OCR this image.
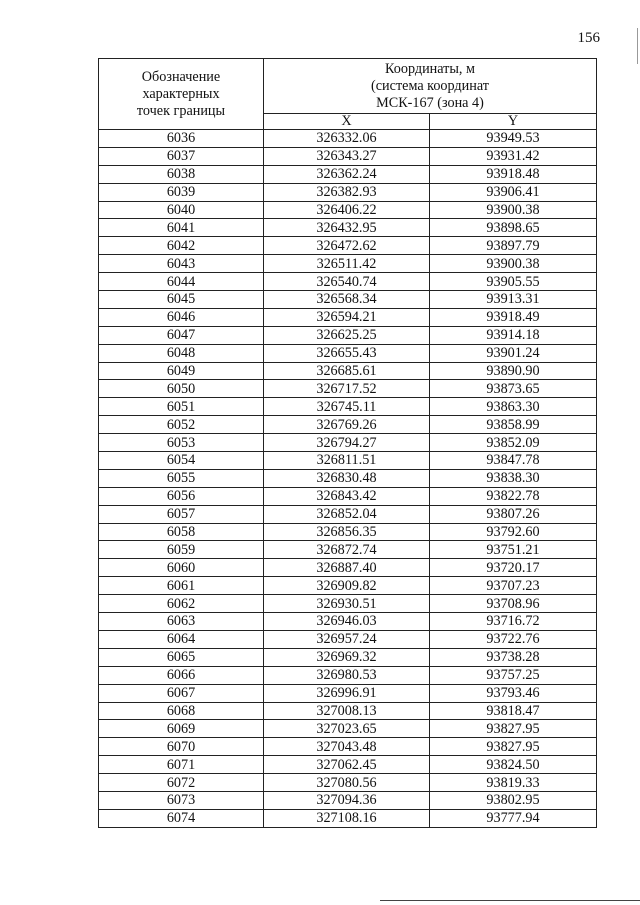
156
Обозначение
характерных
точек границы	Координаты, м
(система координат
МСК-167 (зона 4)	

	X	Y
6036	326332.06	93949.53
6037	326343.27	93931.42
6038	326362.24	93918.48
6039	326382.93	93906.41
6040	326406.22	93900.38
6041	326432.95	93898.65
6042	326472.62	93897.79
6043	326511.42	93900.38
6044	326540.74	93905.55
6045	326568.34	93913.31
6046	326594.21	93918.49
6047	326625.25	93914.18
6048	326655.43	93901.24
6049	326685.61	93890.90
6050	326717.52	93873.65
6051	326745.11	93863.30
6052	326769.26	93858.99
6053	326794.27	93852.09
6054	326811.51	93847.78
6055	326830.48	93838.30
6056	326843.42	93822.78
6057	326852.04	93807.26
6058	326856.35	93792.60
6059	326872.74	93751.21
6060	326887.40	93720.17
6061	326909.82	93707.23
6062	326930.51	93708.96
6063	326946.03	93716.72
6064	326957.24	93722.76
6065	326969.32	93738.28
6066	326980.53	93757.25
6067	326996.91	93793.46
6068	327008.13	93818.47
6069	327023.65	93827.95
6070	327043.48	93827.95
6071	327062.45	93824.50
6072	327080.56	93819.33
6073	327094.36	93802.95
6074	327108.16	93777.94
